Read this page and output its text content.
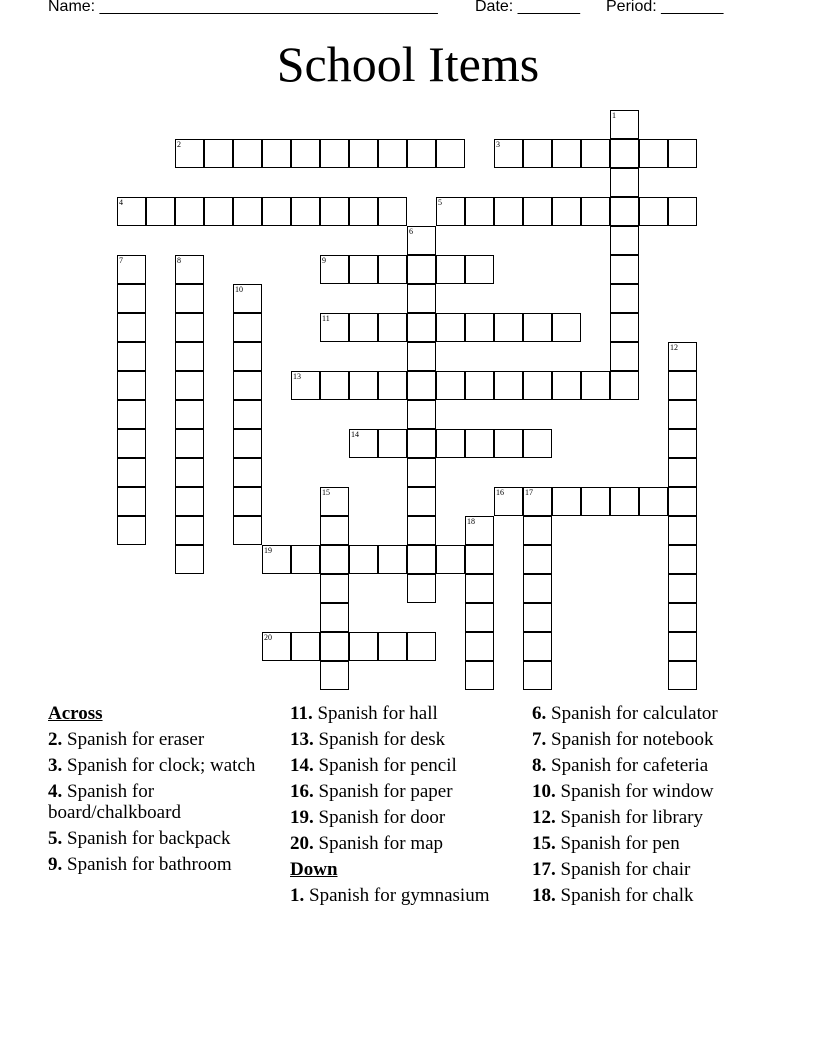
Name: ______________________________________ Date: _______ Period: _______
School Items
1
2	3
4	5
6
7	8	9
10
11
12
13
14
15	16	17
18
19
20
Across
2. Spanish for eraser
3. Spanish for clock; watch
4. Spanish for board/chalkboard
5. Spanish for backpack
9. Spanish for bathroom
11. Spanish for hall
13. Spanish for desk
14. Spanish for pencil
16. Spanish for paper
19. Spanish for door
20. Spanish for map
Down
1. Spanish for gymnasium
6. Spanish for calculator
7. Spanish for notebook
8. Spanish for cafeteria
10. Spanish for window
12. Spanish for library
15. Spanish for pen
17. Spanish for chair
18. Spanish for chalk
